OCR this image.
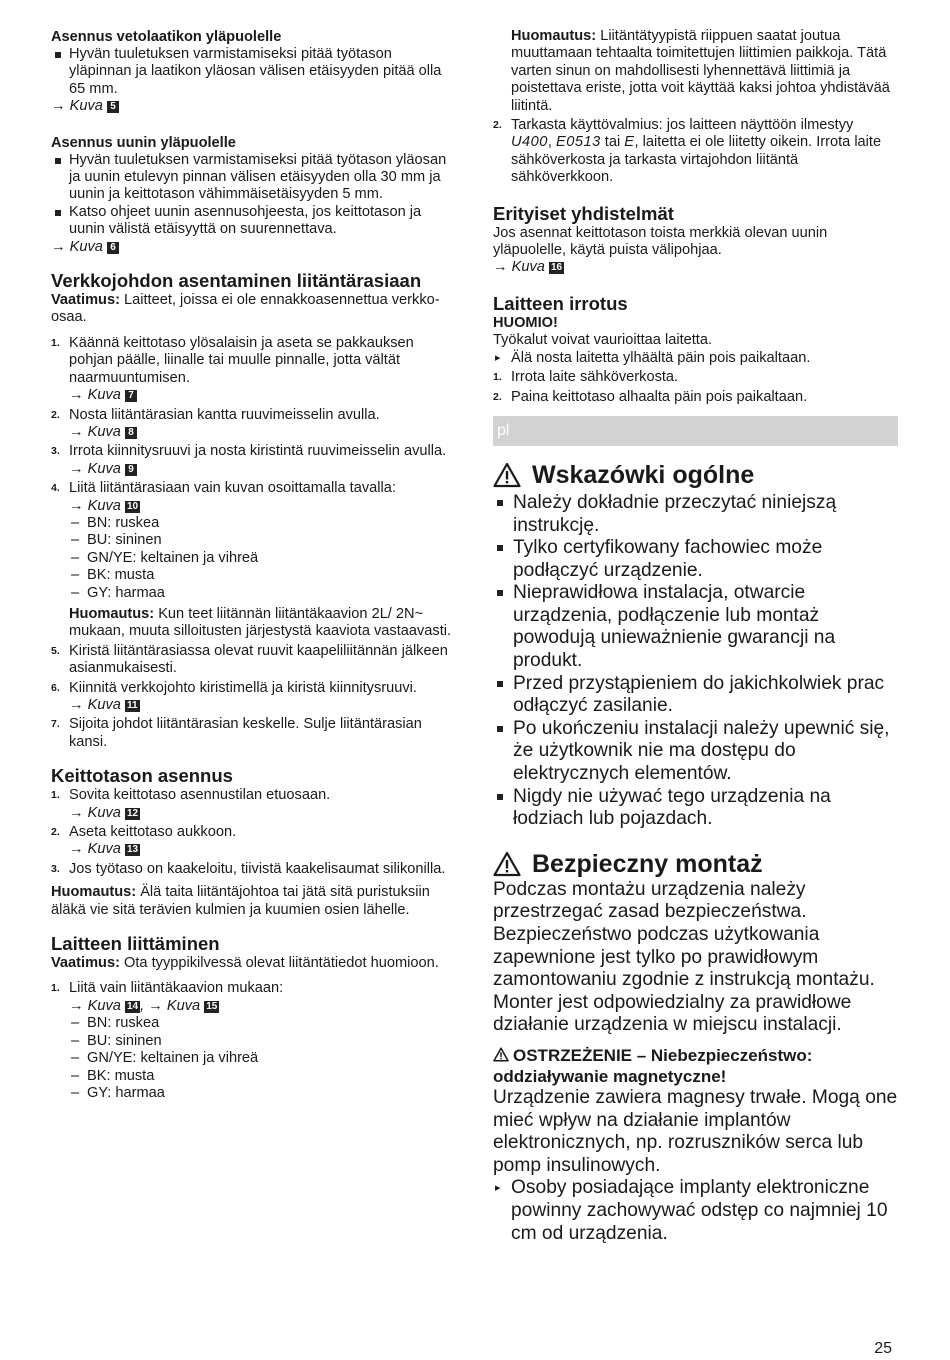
Asennus vetolaatikon yläpuolelle

Hyvän tuuletuksen varmistamiseksi pitää työtason yläpinnan ja laatikon yläosan välisen etäisyyden pitää olla 65 mm.

→ Kuva 5

Asennus uunin yläpuolelle

Hyvän tuuletuksen varmistamiseksi pitää työtason yläosan ja uunin etulevyn pinnan välisen etäisyyden olla 30 mm ja uunin ja keittotason vähimmäisetäisyyden 5 mm.
Katso ohjeet uunin asennusohjeesta, jos keittotason ja uunin välistä etäisyyttä on suurennettava.

→ Kuva 6

Verkkojohdon asentaminen liitäntärasiaan

Vaatimus: Laitteet, joissa ei ole ennakkoasennettua verkko-osaa.

1. Käännä keittotaso ylösalaisin ja aseta se pakkauksen pohjan päälle, liinalle tai muulle pinnalle, jotta vältät naarmuuntumisen.
→ Kuva 7
2. Nosta liitäntärasian kantta ruuvimeisselin avulla.
→ Kuva 8
3. Irrota kiinnitysruuvi ja nosta kiristintä ruuvimeisselin avulla.
→ Kuva 9
4. Liitä liitäntärasiaan vain kuvan osoittamalla tavalla:
→ Kuva 10
– BN: ruskea
– BU: sininen
– GN/YE: keltainen ja vihreä
– BK: musta
– GY: harmaa

Huomautus: Kun teet liitännän liitäntäkaavion 2L/ 2N~ mukaan, muuta silloitusten järjestystä kaaviota vastaavasti.

5. Kiristä liitäntärasiassa olevat ruuvit kaapeliliitännän jälkeen asianmukaisesti.
6. Kiinnitä verkkojohto kiristimellä ja kiristä kiinnitysruuvi.
→ Kuva 11
7. Sijoita johdot liitäntärasian keskelle. Sulje liitäntärasian kansi.

Keittotason asennus

1. Sovita keittotaso asennustilan etuosaan.
→ Kuva 12
2. Aseta keittotaso aukkoon.
→ Kuva 13
3. Jos työtaso on kaakeloitu, tiivistä kaakelisaumat silikonilla.

Huomautus: Älä taita liitäntäjohtoa tai jätä sitä puristuksiin äläkä vie sitä terävien kulmien ja kuumien osien lähelle.

Laitteen liittäminen

Vaatimus: Ota tyyppikilvessä olevat liitäntätiedot huomioon.

1. Liitä vain liitäntäkaavion mukaan:
→ Kuva 14 , → Kuva 15
– BN: ruskea
– BU: sininen
– GN/YE: keltainen ja vihreä
– BK: musta
– GY: harmaa
Huomautus: Liitäntätyypistä riippuen saatat joutua muuttamaan tehtaalta toimitettujen liittimien paikkoja. Tätä varten sinun on mahdollisesti lyhennettävä liittimiä ja poistettava eriste, jotta voit käyttää kaksi johtoa yhdistävää liitintä.
2. Tarkasta käyttövalmius: jos laitteen näyttöön ilmestyy U400, E0513 tai E, laitetta ei ole liitetty oikein. Irrota laite sähköverkosta ja tarkasta virtajohdon liitäntä sähköverkkoon.

Erityiset yhdistelmät

Jos asennat keittotason toista merkkiä olevan uunin yläpuolelle, käytä puista välipohjaa.

→ Kuva 16

Laitteen irrotus

HUOMIO!

Työkalut voivat vaurioittaa laitetta.

▸ Älä nosta laitetta ylhäältä päin pois paikaltaan.
1. Irrota laite sähköverkosta.
2. Paina keittotaso alhaalta päin pois paikaltaan.
pl

Wskazówki ogólne

Należy dokładnie przeczytać niniejszą instrukcję.
Tylko certyfikowany fachowiec może podłączyć urządzenie.
Nieprawidłowa instalacja, otwarcie urządzenia, podłączenie lub montaż powodują unieważnienie gwarancji na produkt.
Przed przystąpieniem do jakichkolwiek prac odłączyć zasilanie.
Po ukończeniu instalacji należy upewnić się, że użytkownik nie ma dostępu do elektrycznych elementów.
Nigdy nie używać tego urządzenia na łodziach lub pojazdach.

Bezpieczny montaż

Podczas montażu urządzenia należy przestrzegać zasad bezpieczeństwa. Bezpieczeństwo podczas użytkowania zapewnione jest tylko po prawidłowym zamontowaniu zgodnie z instrukcją montażu. Monter jest odpowiedzialny za prawidłowe działanie urządzenia w miejscu instalacji.

OSTRZEŻENIE – Niebezpieczeństwo: oddziaływanie magnetyczne!

Urządzenie zawiera magnesy trwałe. Mogą one mieć wpływ na działanie implantów elektronicznych, np. rozruszników serca lub pomp insulinowych.

▸ Osoby posiadające implanty elektroniczne powinny zachowywać odstęp co najmniej 10 cm od urządzenia.
25
